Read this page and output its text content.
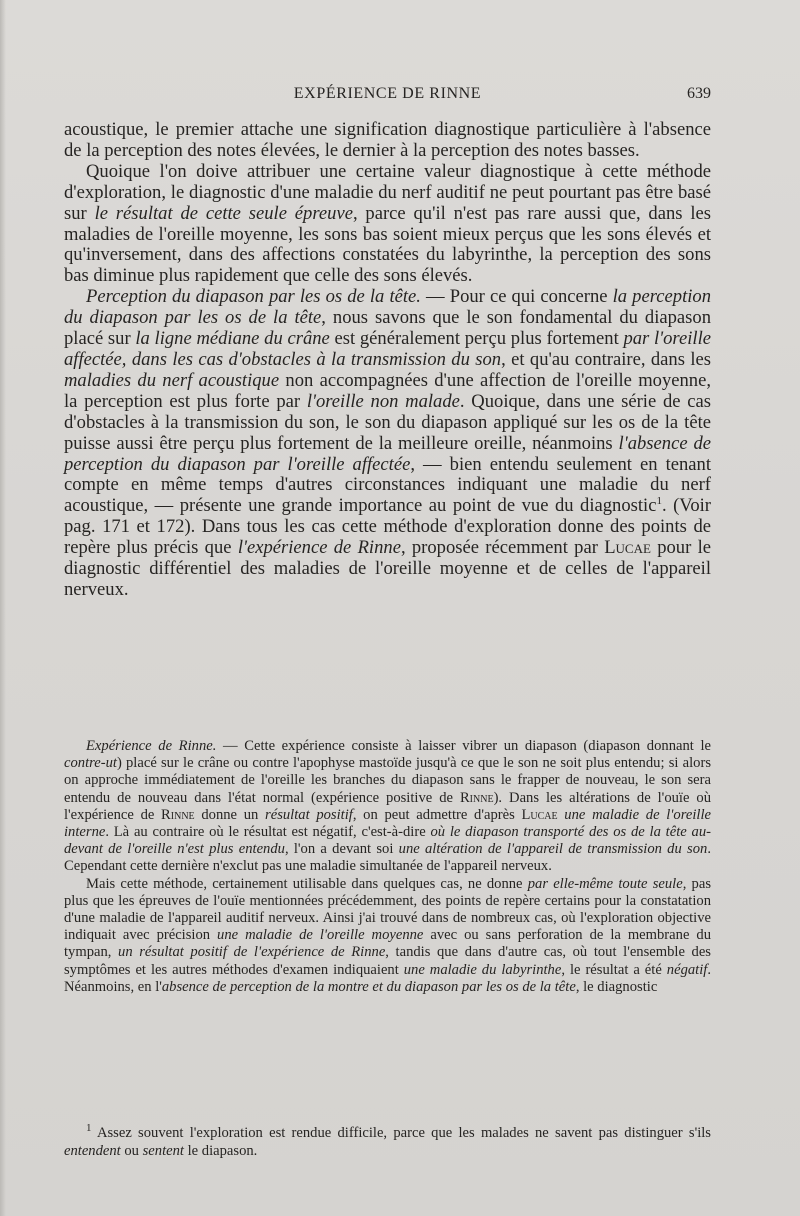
EXPÉRIENCE DE RINNE	639

acoustique, le premier attache une signification diagnostique particulière à l'absence de la perception des notes élevées, le dernier à la perception des notes basses.

Quoique l'on doive attribuer une certaine valeur diagnostique à cette méthode d'exploration, le diagnostic d'une maladie du nerf auditif ne peut pourtant pas être basé sur le résultat de cette seule épreuve, parce qu'il n'est pas rare aussi que, dans les maladies de l'oreille moyenne, les sons bas soient mieux perçus que les sons élevés et qu'inversement, dans des affections constatées du labyrinthe, la perception des sons bas diminue plus rapidement que celle des sons élevés.

Perception du diapason par les os de la tête. — Pour ce qui concerne la perception du diapason par les os de la tête, nous savons que le son fondamental du diapason placé sur la ligne médiane du crâne est généralement perçu plus fortement par l'oreille affectée, dans les cas d'obstacles à la transmission du son, et qu'au contraire, dans les maladies du nerf acoustique non accompagnées d'une affection de l'oreille moyenne, la perception est plus forte par l'oreille non malade. Quoique, dans une série de cas d'obstacles à la transmission du son, le son du diapason appliqué sur les os de la tête puisse aussi être perçu plus fortement de la meilleure oreille, néanmoins l'absence de perception du diapason par l'oreille affectée, — bien entendu seulement en tenant compte en même temps d'autres circonstances indiquant une maladie du nerf acoustique, — présente une grande importance au point de vue du diagnostic$^1$. (Voir pag. 171 et 172). Dans tous les cas cette méthode d'exploration donne des points de repère plus précis que l'expérience de Rinne, proposée récemment par Lucae pour le diagnostic différentiel des maladies de l'oreille moyenne et de celles de l'appareil nerveux.

Expérience de Rinne. — Cette expérience consiste à laisser vibrer un diapason (diapason donnant le contre-ut) placé sur le crâne ou contre l'apophyse mastoïde jusqu'à ce que le son ne soit plus entendu; si alors on approche immédiatement de l'oreille les branches du diapason sans le frapper de nouveau, le son sera entendu de nouveau dans l'état normal (expérience positive de Rinne). Dans les altérations de l'ouïe où l'expérience de Rinne donne un résultat positif, on peut admettre d'après Lucae une maladie de l'oreille interne. Là au contraire où le résultat est négatif, c'est-à-dire où le diapason transporté des os de la tête au-devant de l'oreille n'est plus entendu, l'on a devant soi une altération de l'appareil de transmission du son. Cependant cette dernière n'exclut pas une maladie simultanée de l'appareil nerveux.

Mais cette méthode, certainement utilisable dans quelques cas, ne donne par elle-même toute seule, pas plus que les épreuves de l'ouïe mentionnées précédemment, des points de repère certains pour la constatation d'une maladie de l'appareil auditif nerveux. Ainsi j'ai trouvé dans de nombreux cas, où l'exploration objective indiquait avec précision une maladie de l'oreille moyenne avec ou sans perforation de la membrane du tympan, un résultat positif de l'expérience de Rinne, tandis que dans d'autre cas, où tout l'ensemble des symptômes et les autres méthodes d'examen indiquaient une maladie du labyrinthe, le résultat a été négatif. Néanmoins, en l'absence de perception de la montre et du diapason par les os de la tête, le diagnostic

$^1$ Assez souvent l'exploration est rendue difficile, parce que les malades ne savent pas distinguer s'ils entendent ou sentent le diapason.
